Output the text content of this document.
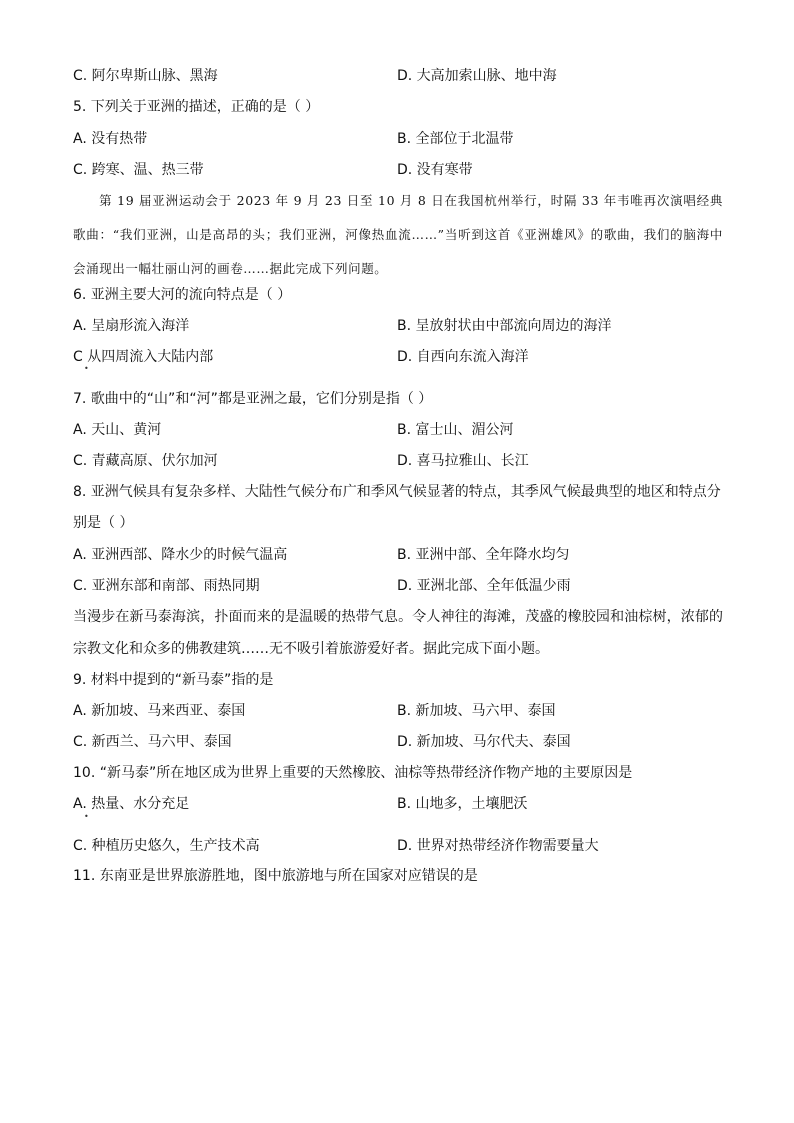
C. 阿尔卑斯山脉、黑海	D. 大高加索山脉、地中海
5. 下列关于亚洲的描述，正确的是（ ）
A. 没有热带	B. 全部位于北温带
C. 跨寒、温、热三带	D. 没有寒带
第 19 届亚洲运动会于 2023 年 9 月 23 日至 10 月 8 日在我国杭州举行，时隔 33 年韦唯再次演唱经典歌曲：“我们亚洲，山是高昂的头；我们亚洲，河像热血流……”当听到这首《亚洲雄风》的歌曲，我们的脑海中会涌现出一幅壮丽山河的画卷……据此完成下列问题。
6. 亚洲主要大河的流向特点是（ ）
A. 呈扇形流入海洋	B. 呈放射状由中部流向周边的海洋
C 从四周流入大陆内部	D. 自西向东流入海洋
•
7. 歌曲中的“山”和“河”都是亚洲之最，它们分别是指（ ）
A. 天山、黄河	B. 富士山、湄公河
C. 青藏高原、伏尔加河	D. 喜马拉雅山、长江
8. 亚洲气候具有复杂多样、大陆性气候分布广和季风气候显著的特点，其季风气候最典型的地区和特点分
别是（ ）
A. 亚洲西部、降水少的时候气温高	B. 亚洲中部、全年降水均匀
C. 亚洲东部和南部、雨热同期	D. 亚洲北部、全年低温少雨
当漫步在新马泰海滨，扑面而来的是温暖的热带气息。令人神往的海滩，茂盛的橡胶园和油棕树，浓郁的宗教文化和众多的佛教建筑……无不吸引着旅游爱好者。据此完成下面小题。
9. 材料中提到的“新马泰”指的是
A. 新加坡、马来西亚、泰国	B. 新加坡、马六甲、泰国
C. 新西兰、马六甲、泰国	D. 新加坡、马尔代夫、泰国
10. “新马泰”所在地区成为世界上重要的天然橡胶、油棕等热带经济作物产地的主要原因是
A. 热量、水分充足	B. 山地多，土壤肥沃
•
C. 种植历史悠久，生产技术高	D. 世界对热带经济作物需要量大
11. 东南亚是世界旅游胜地，图中旅游地与所在国家对应错误的是
